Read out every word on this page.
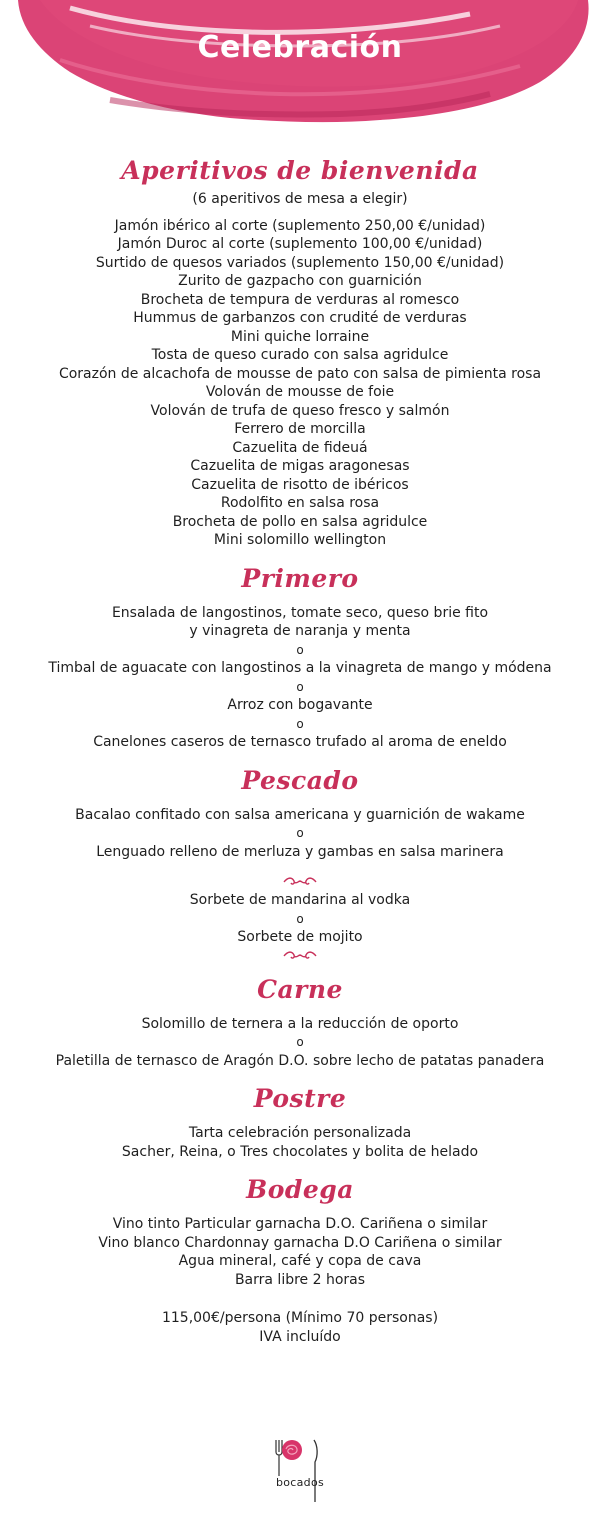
Celebración
Aperitivos de bienvenida

(6 aperitivos de mesa a elegir)

Jamón ibérico al corte (suplemento 250,00 €/unidad)

Jamón Duroc al corte (suplemento 100,00 €/unidad)

Surtido de quesos variados (suplemento 150,00 €/unidad)

Zurito de gazpacho con guarnición

Brocheta de tempura de verduras al romesco

Hummus de garbanzos con crudité de verduras

Mini quiche lorraine

Tosta de queso curado con salsa agridulce

Corazón de alcachofa de mousse de pato con salsa de pimienta rosa

Volován de mousse de foie

Volován de trufa de queso fresco y salmón

Ferrero de morcilla

Cazuelita de fideuá

Cazuelita de migas aragonesas

Cazuelita de risotto de ibéricos

Rodolfito en salsa rosa

Brocheta de pollo en salsa agridulce

Mini solomillo wellington

Primero

Ensalada de langostinos, tomate seco, queso brie fito

y vinagreta de naranja y menta

o

Timbal de aguacate con langostinos a la vinagreta de mango y módena

o

Arroz con bogavante

o

Canelones caseros de ternasco trufado al aroma de eneldo

Pescado

Bacalao confitado con salsa americana y guarnición de wakame

o

Lenguado relleno de merluza y gambas en salsa marinera

Sorbete de mandarina al vodka

o

Sorbete de mojito

Carne

Solomillo de ternera a la reducción de oporto

o

Paletilla de ternasco de Aragón D.O. sobre lecho de patatas panadera

Postre

Tarta celebración personalizada

Sacher, Reina, o Tres chocolates y bolita de helado

Bodega

Vino tinto Particular garnacha D.O. Cariñena o similar

Vino blanco Chardonnay garnacha D.O Cariñena o similar

Agua mineral, café y copa de cava

Barra libre 2 horas

115,00€/persona (Mínimo 70 personas)

IVA incluído

bocados
